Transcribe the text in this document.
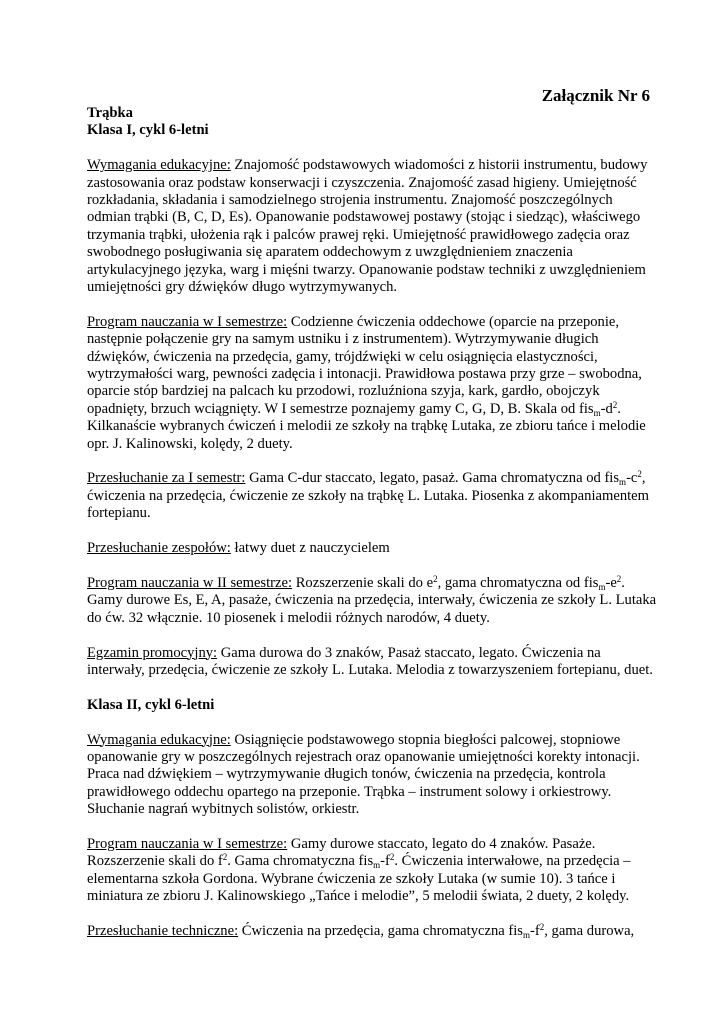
Załącznik Nr 6
Trąbka
Klasa I, cykl 6-letni

Wymagania edukacyjne: Znajomość podstawowych wiadomości z historii instrumentu, budowy zastosowania oraz podstaw konserwacji i czyszczenia. Znajomość zasad higieny. Umiejętność rozkładania, składania i samodzielnego strojenia instrumentu. Znajomość poszczególnych odmian trąbki (B, C, D, Es). Opanowanie podstawowej postawy (stojąc i siedząc), właściwego trzymania trąbki, ułożenia rąk i palców prawej ręki. Umiejętność prawidłowego zadęcia oraz swobodnego posługiwania się aparatem oddechowym z uwzględnieniem znaczenia artykulacyjnego języka, warg i mięśni twarzy. Opanowanie podstaw techniki z uwzględnieniem umiejętności gry dźwięków długo wytrzymywanych.

Program nauczania w I semestrze: Codzienne ćwiczenia oddechowe (oparcie na przeponie, następnie połączenie gry na samym ustniku i z instrumentem). Wytrzymywanie długich dźwięków, ćwiczenia na przedęcia, gamy, trójdźwięki w celu osiągnięcia elastyczności, wytrzymałości warg, pewności zadęcia i intonacji. Prawidłowa postawa przy grze – swobodna, oparcie stóp bardziej na palcach ku przodowi, rozluźniona szyja, kark, gardło, obojczyk opadnięty, brzuch wciągnięty. W I semestrze poznajemy gamy C, G, D, B. Skala od $fis_m-d^2$. Kilkanaście wybranych ćwiczeń i melodii ze szkoły na trąbkę Lutaka, ze zbioru tańce i melodie opr. J. Kalinowski, kolędy, 2 duety.

Przesłuchanie za I semestr: Gama C-dur staccato, legato, pasaż. Gama chromatyczna od $fis_m-c^2$, ćwiczenia na przedęcia, ćwiczenie ze szkoły na trąbkę L. Lutaka. Piosenka z akompaniamentem fortepianu.

Przesłuchanie zespołów: łatwy duet z nauczycielem

Program nauczania w II semestrze: Rozszerzenie skali do $e^2$, gama chromatyczna od $fis_m-e^2$. Gamy durowe Es, E, A, pasaże, ćwiczenia na przedęcia, interwały, ćwiczenia ze szkoły L. Lutaka do ćw. 32 włącznie. 10 piosenek i melodii różnych narodów, 4 duety.

Egzamin promocyjny: Gama durowa do 3 znaków, Pasaż staccato, legato. Ćwiczenia na interwały, przedęcia, ćwiczenie ze szkoły L. Lutaka. Melodia z towarzyszeniem fortepianu, duet.

Klasa II, cykl 6-letni

Wymagania edukacyjne: Osiągnięcie podstawowego stopnia biegłości palcowej, stopniowe opanowanie gry w poszczególnych rejestrach oraz opanowanie umiejętności korekty intonacji. Praca nad dźwiękiem – wytrzymywanie długich tonów, ćwiczenia na przedęcia, kontrola prawidłowego oddechu opartego na przeponie. Trąbka – instrument solowy i orkiestrowy. Słuchanie nagrań wybitnych solistów, orkiestr.

Program nauczania w I semestrze: Gamy durowe staccato, legato do 4 znaków. Pasaże. Rozszerzenie skali do $f^2$. Gama chromatyczna $fis_m-f^2$. Ćwiczenia interwałowe, na przedęcia – elementarna szkoła Gordona. Wybrane ćwiczenia ze szkoły Lutaka (w sumie 10). 3 tańce i miniatura ze zbioru J. Kalinowskiego „Tańce i melodie”, 5 melodii świata, 2 duety, 2 kolędy.

Przesłuchanie techniczne: Ćwiczenia na przedęcia, gama chromatyczna $fis_m-f^2$, gama durowa,
